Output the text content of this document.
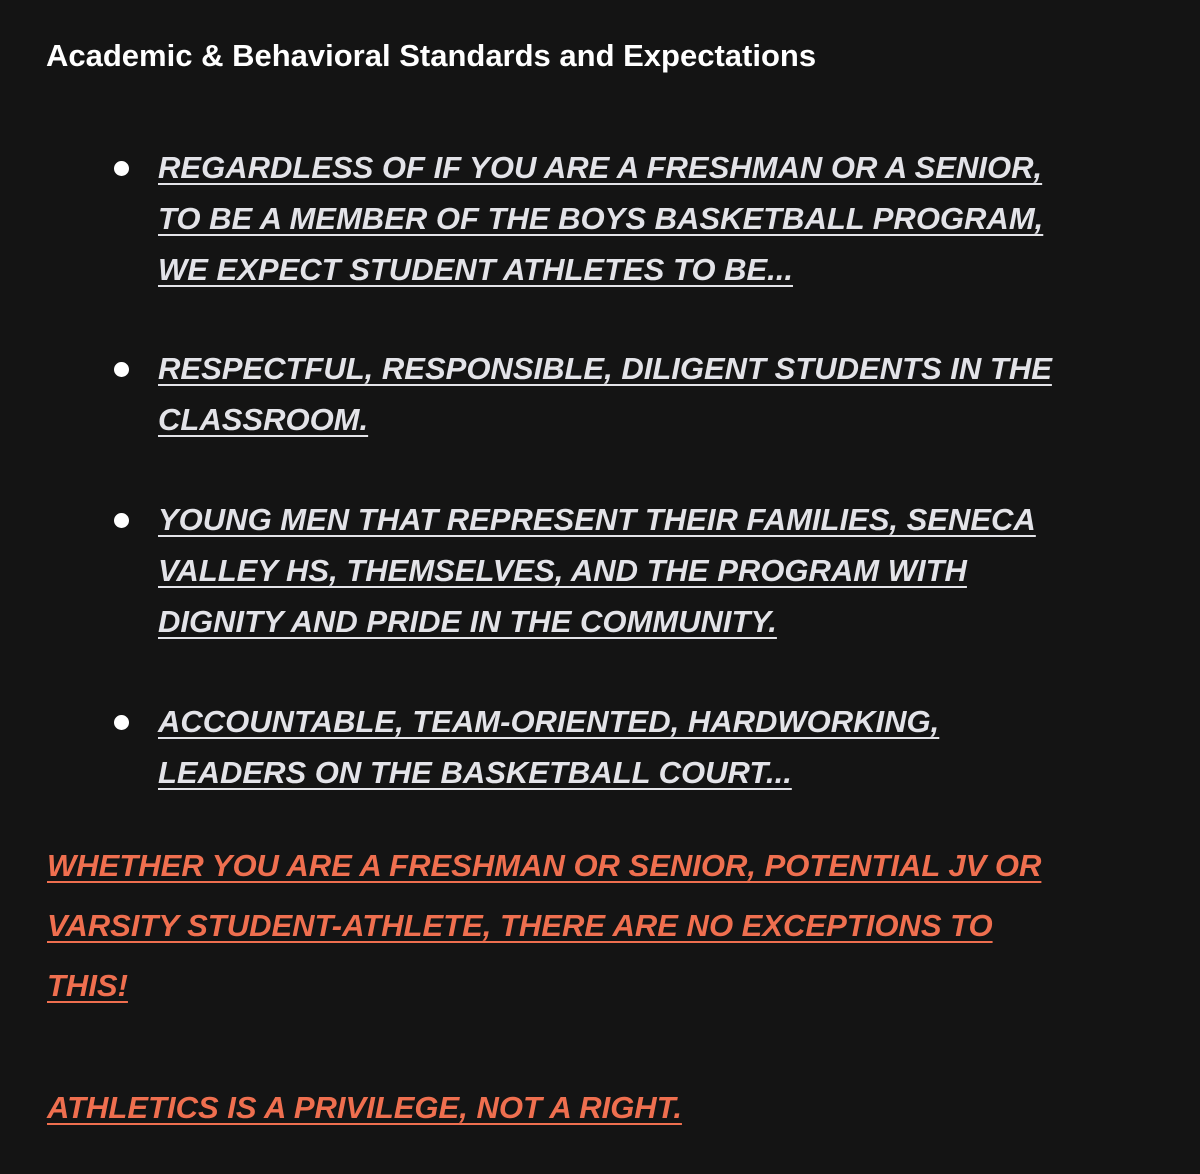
Academic & Behavioral Standards and Expectations

REGARDLESS OF IF YOU ARE A FRESHMAN OR A SENIOR,
TO BE A MEMBER OF THE BOYS BASKETBALL PROGRAM,
WE EXPECT STUDENT ATHLETES TO BE...

RESPECTFUL, RESPONSIBLE, DILIGENT STUDENTS IN THE
CLASSROOM.

YOUNG MEN THAT REPRESENT THEIR FAMILIES, SENECA
VALLEY HS, THEMSELVES, AND THE PROGRAM WITH
DIGNITY AND PRIDE IN THE COMMUNITY.

ACCOUNTABLE, TEAM-ORIENTED, HARDWORKING,
LEADERS ON THE BASKETBALL COURT...

WHETHER YOU ARE A FRESHMAN OR SENIOR, POTENTIAL JV OR
VARSITY STUDENT-ATHLETE, THERE ARE NO EXCEPTIONS TO
THIS!

ATHLETICS IS A PRIVILEGE, NOT A RIGHT.
